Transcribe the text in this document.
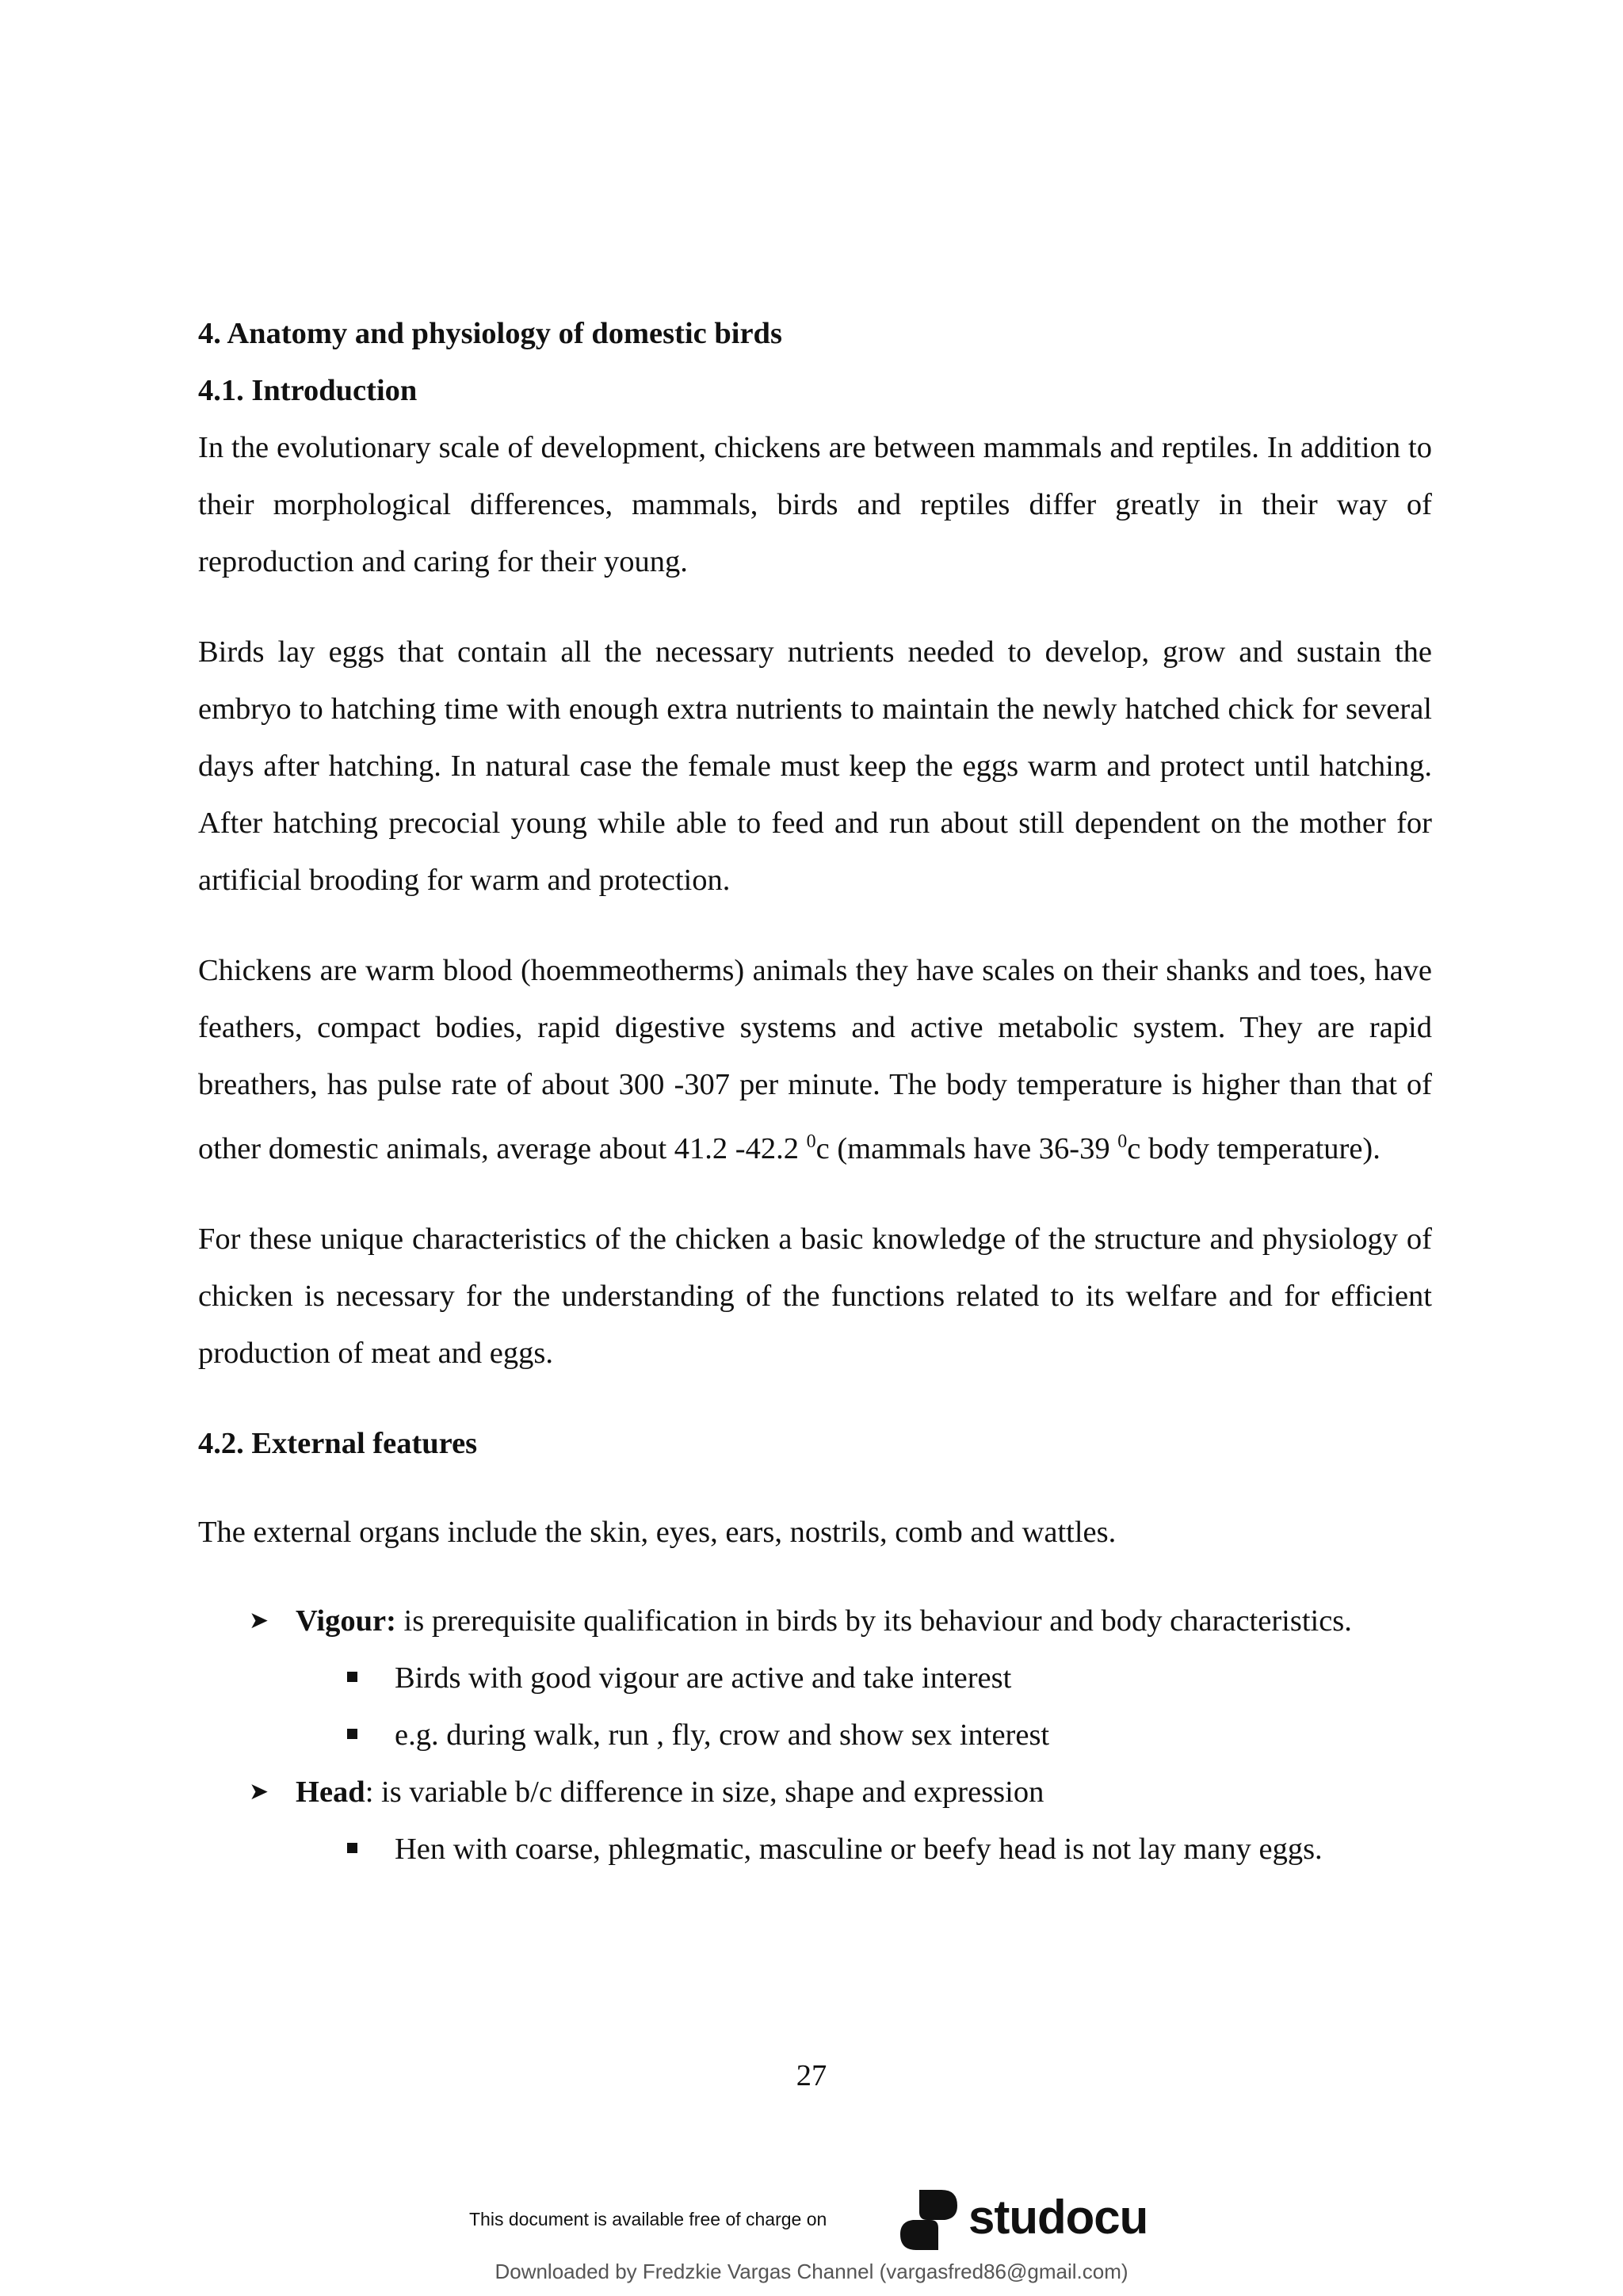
4. Anatomy and physiology of domestic birds
4.1. Introduction

In the evolutionary scale of development, chickens are between mammals and reptiles. In addition to their morphological differences, mammals, birds and reptiles differ greatly in their way of reproduction and caring for their young.

Birds lay eggs that contain all the necessary nutrients needed to develop, grow and sustain the embryo to hatching time with enough extra nutrients to maintain the newly hatched chick for several days after hatching. In natural case the female must keep the eggs warm and protect until hatching. After hatching precocial young while able to feed and run about still dependent on the mother for artificial brooding for warm and protection.

Chickens are warm blood (hoemmeotherms) animals they have scales on their shanks and toes, have feathers, compact bodies, rapid digestive systems and active metabolic system. They are rapid breathers, has pulse rate of about 300 -307 per minute. The body temperature is higher than that of other domestic animals, average about 41.2 -42.2 $^0$c (mammals have 36-39 $^0$c body temperature).

For these unique characteristics of the chicken a basic knowledge of the structure and physiology of chicken is necessary for the understanding of the functions related to its welfare and for efficient production of meat and eggs.

4.2. External features

The external organs include the skin, eyes, ears, nostrils, comb and wattles.

➤ Vigour: is prerequisite qualification in birds by its behaviour and body characteristics.

Birds with good vigour are active and take interest

e.g. during walk, run , fly, crow and show sex interest

➤ Head: is variable b/c difference in size, shape and expression

Hen with coarse, phlegmatic, masculine or beefy head is not lay many eggs.

27
This document is available free of charge on	studocu
Downloaded by Fredzkie Vargas Channel (vargasfred86@gmail.com)
